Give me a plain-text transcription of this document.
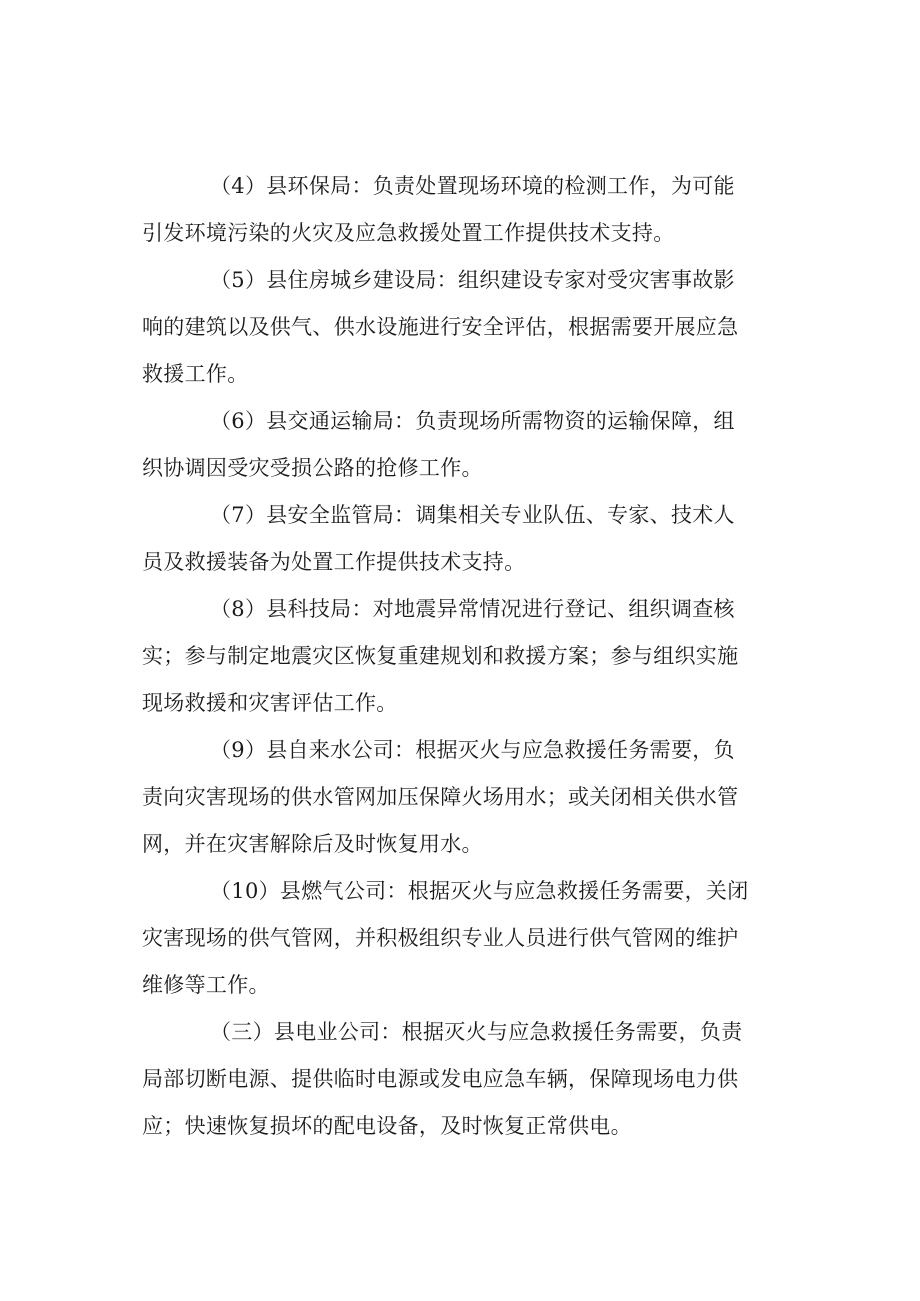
（4）县环保局：负责处置现场环境的检测工作，为可能
引发环境污染的火灾及应急救援处置工作提供技术支持。

（5）县住房城乡建设局：组织建设专家对受灾害事故影
响的建筑以及供气、供水设施进行安全评估，根据需要开展应急
救援工作。

（6）县交通运输局：负责现场所需物资的运输保障，组
织协调因受灾受损公路的抢修工作。

（7）县安全监管局：调集相关专业队伍、专家、技术人
员及救援装备为处置工作提供技术支持。

（8）县科技局：对地震异常情况进行登记、组织调查核
实；参与制定地震灾区恢复重建规划和救援方案；参与组织实施
现场救援和灾害评估工作。

（9）县自来水公司：根据灭火与应急救援任务需要，负
责向灾害现场的供水管网加压保障火场用水；或关闭相关供水管
网，并在灾害解除后及时恢复用水。

（10）县燃气公司：根据灭火与应急救援任务需要，关闭
灾害现场的供气管网，并积极组织专业人员进行供气管网的维护
维修等工作。

（三）县电业公司：根据灭火与应急救援任务需要，负责
局部切断电源、提供临时电源或发电应急车辆，保障现场电力供
应；快速恢复损坏的配电设备，及时恢复正常供电。
